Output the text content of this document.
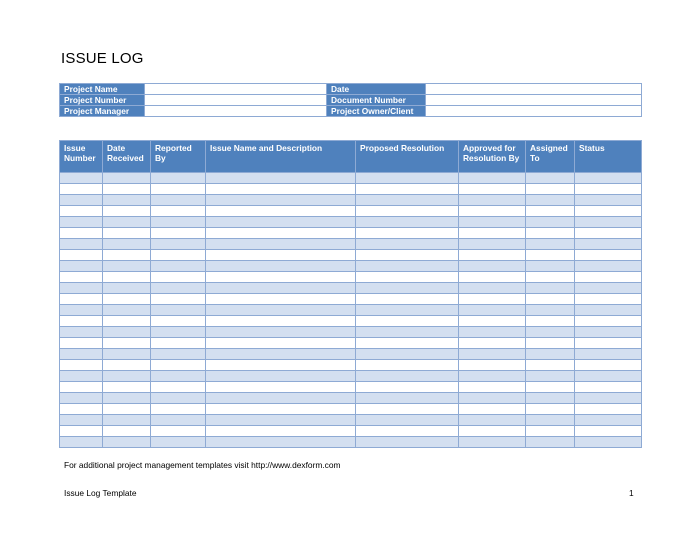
ISSUE LOG
Project Name		Date	
Project Number		Document Number	
Project Manager		Project Owner/Client	
Issue Number	Date Received	Reported By	Issue Name and Description	Proposed Resolution	Approved for Resolution By	Assigned To	Status

For additional project management templates visit http://www.dexform.com
Issue Log Template	1
